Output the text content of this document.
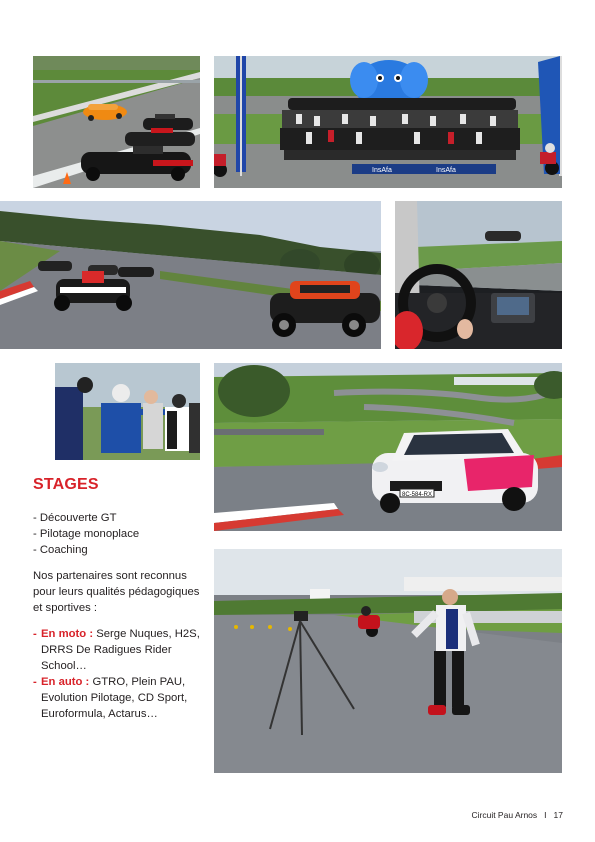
InsAfa	InsAfa
8C-584-RX
STAGES
- Découverte GT
- Pilotage monoplace
- Coaching

Nos partenaires sont reconnus pour leurs qualités pédagogiques et sportives :

- En moto : Serge Nuques, H2S, DRRS De Radigues Rider School…
- En auto : GTRO, Plein PAU, Evolution Pilotage, CD Sport, Euroformula, Actarus…
Circuit Pau Arnos I 17
